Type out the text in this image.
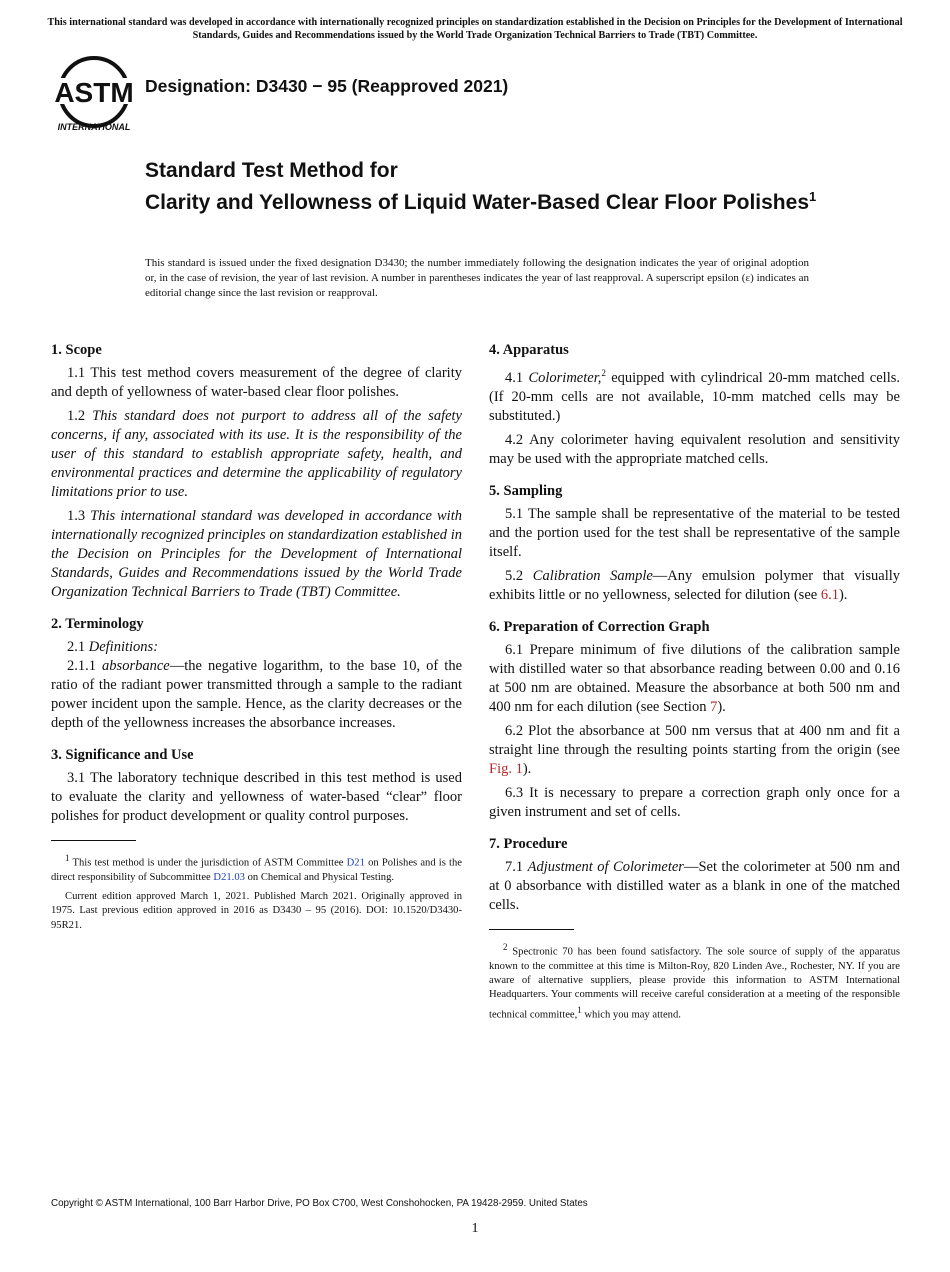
This international standard was developed in accordance with internationally recognized principles on standardization established in the Decision on Principles for the Development of International Standards, Guides and Recommendations issued by the World Trade Organization Technical Barriers to Trade (TBT) Committee.
ASTM
INTERNATIONAL
Designation: D3430 − 95 (Reapproved 2021)
Standard Test Method for
Clarity and Yellowness of Liquid Water-Based Clear Floor Polishes$^1$
This standard is issued under the fixed designation D3430; the number immediately following the designation indicates the year of original adoption or, in the case of revision, the year of last revision. A number in parentheses indicates the year of last reapproval. A superscript epsilon (ε) indicates an editorial change since the last revision or reapproval.
1. Scope

1.1 This test method covers measurement of the degree of clarity and depth of yellowness of water-based clear floor polishes.

1.2 This standard does not purport to address all of the safety concerns, if any, associated with its use. It is the responsibility of the user of this standard to establish appropriate safety, health, and environmental practices and determine the applicability of regulatory limitations prior to use.

1.3 This international standard was developed in accordance with internationally recognized principles on standardization established in the Decision on Principles for the Development of International Standards, Guides and Recommendations issued by the World Trade Organization Technical Barriers to Trade (TBT) Committee.

2. Terminology

2.1 Definitions:

2.1.1 absorbance—the negative logarithm, to the base 10, of the ratio of the radiant power transmitted through a sample to the radiant power incident upon the sample. Hence, as the clarity decreases or the depth of the yellowness increases the absorbance increases.

3. Significance and Use

3.1 The laboratory technique described in this test method is used to evaluate the clarity and yellowness of water-based “clear” floor polishes for product development or quality control purposes.

$^1$ This test method is under the jurisdiction of ASTM Committee D21 on Polishes and is the direct responsibility of Subcommittee D21.03 on Chemical and Physical Testing.

Current edition approved March 1, 2021. Published March 2021. Originally approved in 1975. Last previous edition approved in 2016 as D3430 – 95 (2016). DOI: 10.1520/D3430-95R21.

4. Apparatus

4.1 Colorimeter,$^2$ equipped with cylindrical 20-mm matched cells. (If 20-mm cells are not available, 10-mm matched cells may be substituted.)

4.2 Any colorimeter having equivalent resolution and sensitivity may be used with the appropriate matched cells.

5. Sampling

5.1 The sample shall be representative of the material to be tested and the portion used for the test shall be representative of the sample itself.

5.2 Calibration Sample—Any emulsion polymer that visually exhibits little or no yellowness, selected for dilution (see 6.1).

6. Preparation of Correction Graph

6.1 Prepare minimum of five dilutions of the calibration sample with distilled water so that absorbance reading between 0.00 and 0.16 at 500 nm are obtained. Measure the absorbance at both 500 nm and 400 nm for each dilution (see Section 7).

6.2 Plot the absorbance at 500 nm versus that at 400 nm and fit a straight line through the resulting points starting from the origin (see Fig. 1).

6.3 It is necessary to prepare a correction graph only once for a given instrument and set of cells.

7. Procedure

7.1 Adjustment of Colorimeter—Set the colorimeter at 500 nm and at 0 absorbance with distilled water as a blank in one of the matched cells.

$^2$ Spectronic 70 has been found satisfactory. The sole source of supply of the apparatus known to the committee at this time is Milton-Roy, 820 Linden Ave., Rochester, NY. If you are aware of alternative suppliers, please provide this information to ASTM International Headquarters. Your comments will receive careful consideration at a meeting of the responsible technical committee,$^1$ which you may attend.

Copyright © ASTM International, 100 Barr Harbor Drive, PO Box C700, West Conshohocken, PA 19428-2959. United States
1
